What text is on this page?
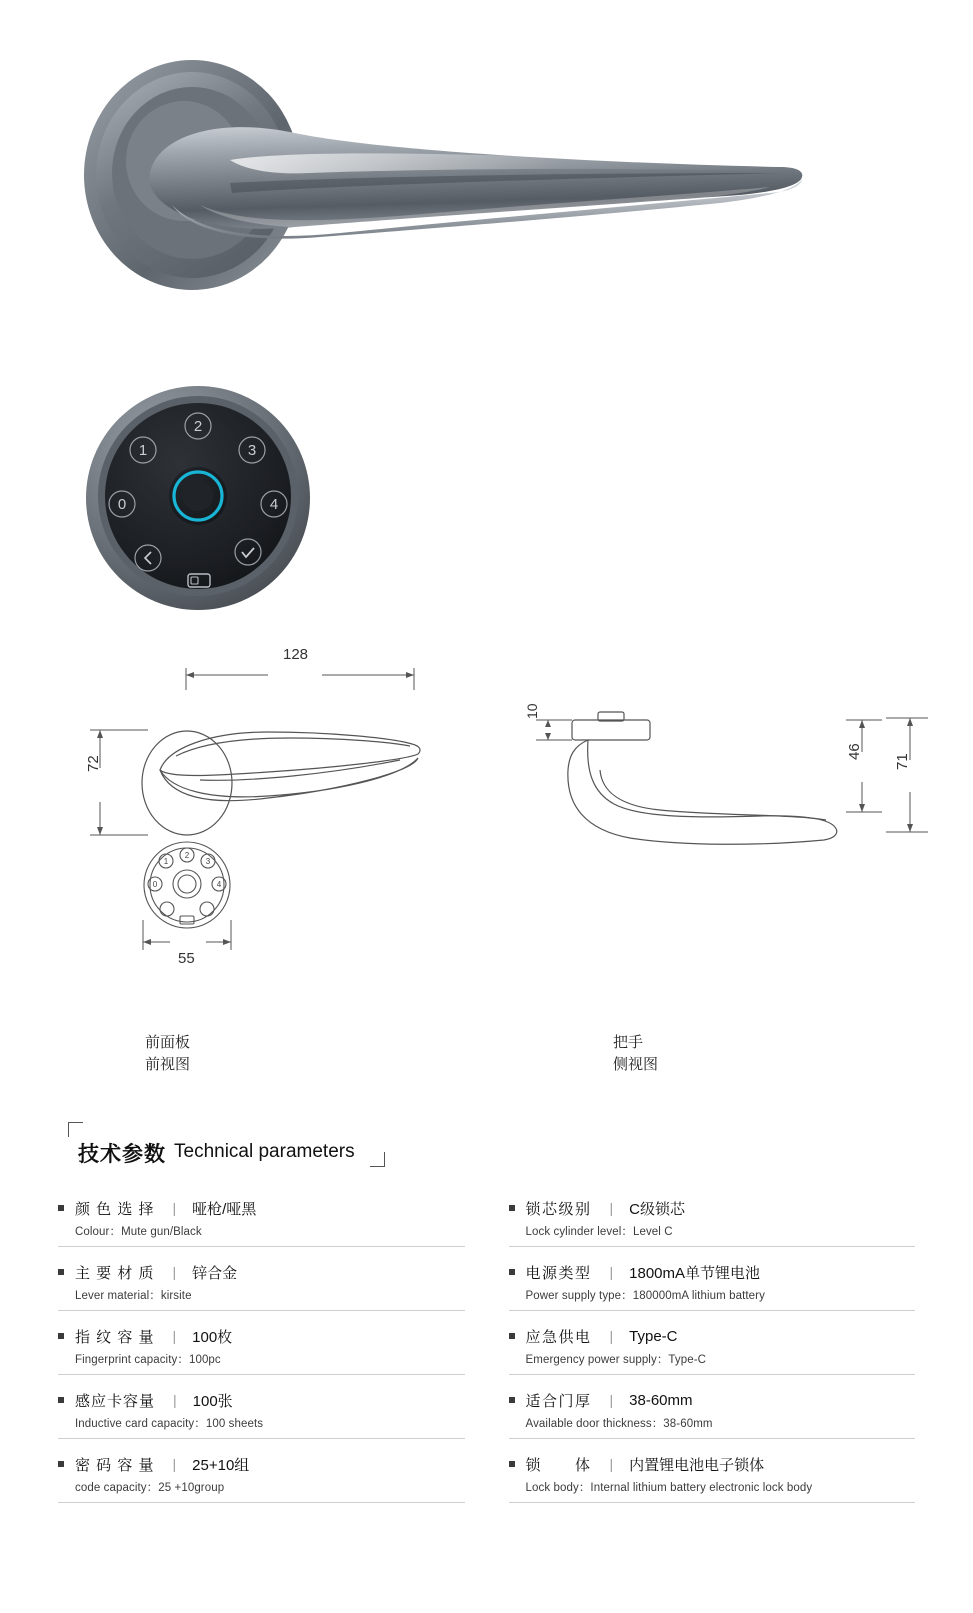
2
1	3
0	4
1
2
3
0	4
128
72
55
10
46
71
前面板
前视图
把手
侧视图
技术参数 Technical parameters
颜 色 选 择 | 哑枪/哑黑
Colour：Mute gun/Black
主 要 材 质 | 锌合金
Lever material：kirsite
指 纹 容 量 | 100枚
Fingerprint capacity：100pc
感应卡容量 | 100张
Inductive card capacity：100 sheets
密 码 容 量 | 25+10组
code capacity：25 +10group
锁芯级别 | C级锁芯
Lock cylinder level：Level C
电源类型 | 1800mA单节锂电池
Power supply type：180000mA lithium battery
应急供电 | Type-C
Emergency power supply：Type-C
适合门厚 | 38-60mm
Available door thickness：38-60mm
锁　　体 | 内置锂电池电子锁体
Lock body：Internal lithium battery electronic lock body
